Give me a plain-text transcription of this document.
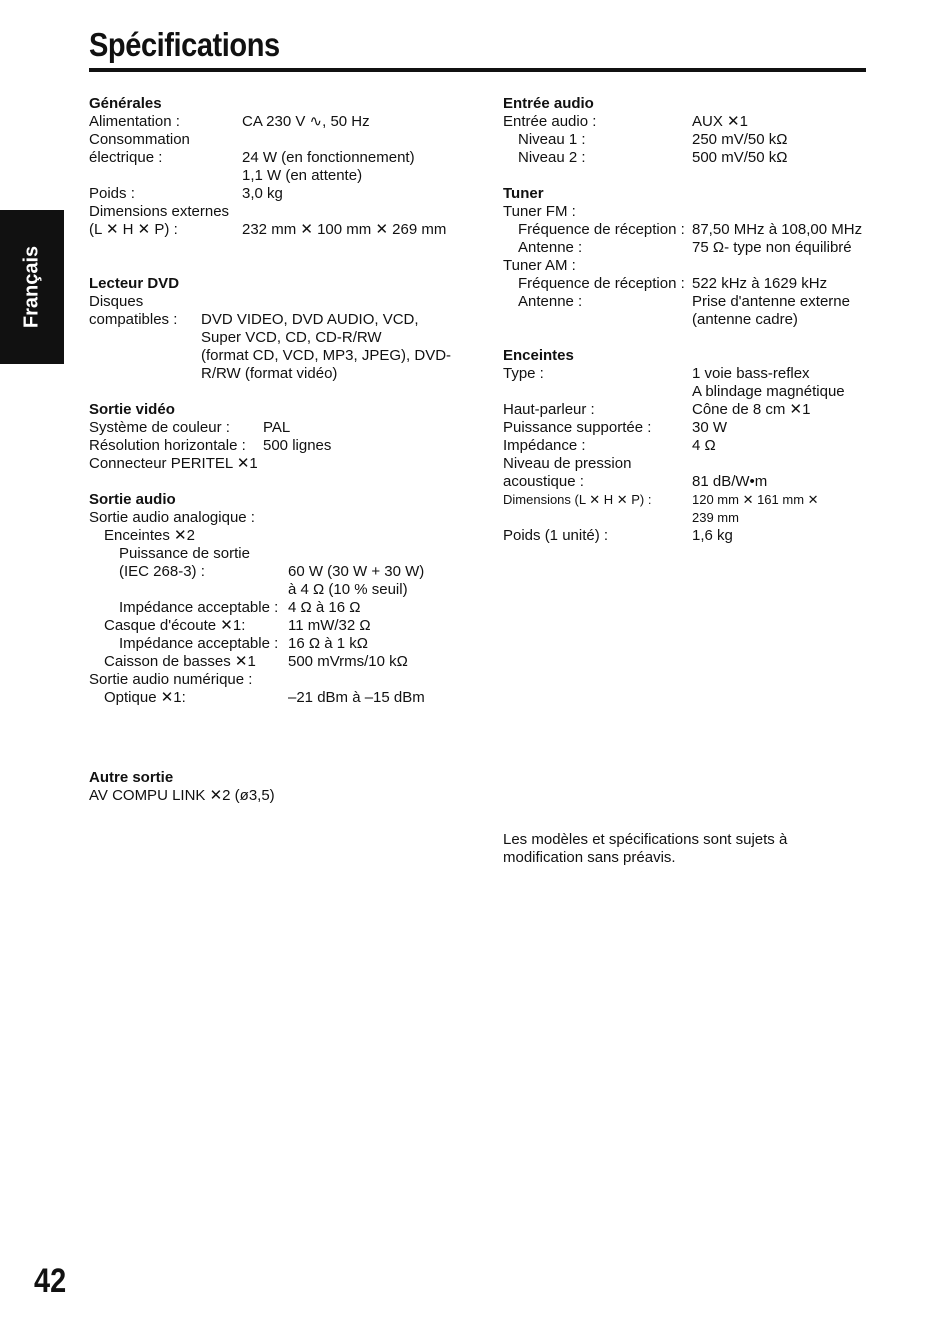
Spécifications
Français
Générales
Alimentation :	CA 230 V ∿, 50 Hz
Consommation
électrique :	24 W (en fonctionnement)
1,1 W (en attente)
Poids :	3,0 kg
Dimensions externes
(L ✕ H ✕ P) :	232 mm ✕ 100 mm ✕ 269 mm
Lecteur DVD
Disques
compatibles : DVD VIDEO, DVD AUDIO, VCD,
Super VCD, CD, CD-R/RW
(format CD, VCD, MP3, JPEG), DVD-
R/RW (format vidéo)
Sortie vidéo
Système de couleur : PAL
Résolution horizontale : 500 lignes
Connecteur PERITEL ✕1
Sortie audio
Sortie audio analogique :
Enceintes ✕2
Puissance de sortie
(IEC 268-3) :	60 W (30 W + 30 W)
à 4 Ω (10 % seuil)
Impédance acceptable : 4 Ω à 16 Ω
Casque d'écoute ✕1:	11 mW/32 Ω
Impédance acceptable : 16 Ω à 1 kΩ
Caisson de basses ✕1 500 mVrms/10 kΩ
Sortie audio numérique :
Optique ✕1:	–21 dBm à –15 dBm
Autre sortie
AV COMPU LINK ✕2 (ø3,5)
Entrée audio
Entrée audio :	AUX ✕1
Niveau 1 :	250 mV/50 kΩ
Niveau 2 :	500 mV/50 kΩ
Tuner
Tuner FM :
Fréquence de réception : 87,50 MHz à 108,00 MHz
Antenne :	75 Ω- type non équilibré
Tuner AM :
Fréquence de réception : 522 kHz à 1629 kHz
Antenne :	Prise d'antenne externe
(antenne cadre)
Enceintes
Type :	1 voie bass-reflex
A blindage magnétique
Haut-parleur :	Cône de 8 cm ✕1
Puissance supportée :	30 W
Impédance :	4 Ω
Niveau de pression
acoustique :	81 dB/W•m
Dimensions (L ✕ H ✕ P) :	120 mm ✕ 161 mm ✕
239 mm
Poids (1 unité) :	1,6 kg
Les modèles et spécifications sont sujets à
modification sans préavis.
42
